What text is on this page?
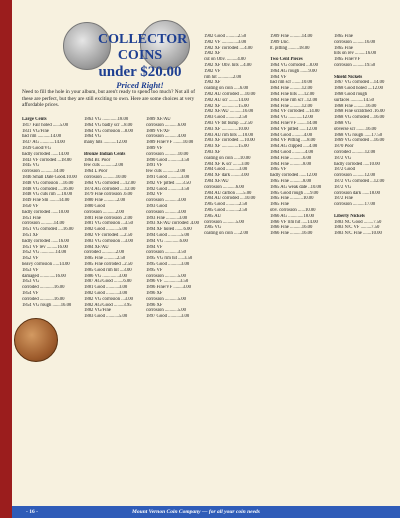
COLLECTOR
COINS
under $20.00
Priced Right!
Need to fill the hole in your album, but aren't ready to spend too much? Not all of these are perfect, but they are still exciting to own. Here are some choices at very affordable prices.
Large Cents
1817 Fair holed ......5.00
1831 VG/Fine
bad rim ...........14.00
1837 AG ............14.00
1839 Good/VG
badly corroded ......14.00
1843 VF corroded ...18.00
1845 VG
corrosion ...........14.00
1846 Small Date Good.10.00
1848 VG corrosion ...16.00
1848 VG corroded ....16.00
1848 VG cuts rim ....10.00
1849 Fine Sm ........14.00
1850 VF
badly corroded ......10.00
1851 Fine
corrosion ...........14.00
1851 VG corroded ....16.00
1851 XF
badly corroded ......16.00
1851 VF rev .........16.00
1852 VG .............14.00
1852 VF
heavy corrosion .....14.00
1853 VF
damaged .............16.00
1853 VG
corroded ............16.00
1854 VF
corroded ............16.00
1854 VG rough .......16.00
1863 VG .............18.00
1864 VG badly scr ...8.00
1864 VG corrosion ...8.00
1864 VG
many hits ...........12.00

Bronze Indian Cents
1864 Br. Poor
few cuts ............2.00
1864 L Poor
corrosion ...........10.00
1864 VG corroded ....12.00
1874 AG corroded ....12.00
1879 Fine corrosion .6.00
1880 Fine ...........2.00
1880 Good
corrosion ...........2.00
1881 Fine corrosion .2.00
1881 VG corrosion ...3.50
1882 Good ...........5.00
1882 VF corroded ....2.50
1883 VG corrosion ...3.00
1884 XF/AU
corroded ............2.00
1885 Fine ...........2.50
1885 Fine corroded ..2.50
1885 Good rim hit ...3.00
1886 VG ..............3.00
1887 AG/Good ........6.00
1881 Good ...........3.00
1882 Good ...........3.00
1882 VG corrosion ...3.00
1882 AG/Good ........3.95
1882 VG/Fine
1883 Good ...........5.00
1889 XF/AU
corrosion ...........6.00
1889 VF/XF
corrosion ...........4.00
1889 Fine/VF ........10.00
1889 VF
corrosion ...........10.00
1890 Good ...........3.50
1891 VF
few cuts ............2.00
1891 Good ...........3.00
1892 VF pitted ......3.50
1892 Good ...........3.50
1892 VF
corrosion ...........3.00
1893 Good
corrosion ...........3.00
1893 Fine ...........3.00
1893 XF/AU corroded .4.00
1894 XF holed .......6.00
1894 Good ...........5.00
1894 VG .............6.00
1894 VF
corrosion ...........3.50
1895 VG rim hit .....3.50
1895 Good ...........3.00
1895 VF
corrosion ...........5.00
1896 VF ..............3.50
1896 Fine/VF ........3.00
1896 XF
corrosion ...........5.00
1896 XF
corrosion ...........5.00
1897 Good ...........3.00
1902 Good ..........2.50
1902 VF ..............3.00
1902 XF corroded ....4.00
1902 XF
cut on Obv. .........4.00
1902 XF Obv. hits ...4.00
1902 VF
rim hit .............2.00
1902 XF
coating on coin .....6.00
1902 AU corroded ....10.00
1902 AU scr ........14.00
1902 XF ..............15.00
1902 XF/AU ...........16.00
1903 Good ...........2.50
1903 VF bit bump ....2.50
1903 XF ..............10.00
1903 AU rim hits ....10.00
1903 XF corroded ....10.00
1903 XF ..............15.00
1903 XF
coating on coin .....10.00
1904 XF K scr .......3.00
1904 Good ...........3.00
1904 XF dark ........3.00
1904 XF/AU
corrosion ...........6.00
1904 AU carbon ......5.00
1904 AU corroded ....10.00
1905 Good ...........2.50
1905 Good ...........2.50
1905 AU
corrosion ...........5.00
1905 VG
coating on coin .....2.00
1909 Fine ..........14.00
1909 Unc.
lt. pitting .........18.00

Two Cent Pieces
1864 VG corroded ...8.00
1864 AG rough .......9.00
1864 VF
bad rim scr ........10.00
1864 Fine ..........12.00
1864 Fine hits .....12.00
1864 Fine rim scr ..12.00
1864 Fine ..........12.00
1864 VF corroded ...14.00
1864 VG ............12.00
1864 Fine/VF ........14.00
1864 VF pitted ......12.00
1864 Good ..........4.00
1864 VF Pitting .....8.00
1864 AG clipped .....4.00
1864 Good ...........4.00
1864 Fine ...........6.00
1864 Fine ...........8.00
1865 VF
badly corroded ......12.00
1865 Fine ...........8.00
1865 AG weak date ..10.00
1865 Good rough .....9.00
1865 Fine ...........10.00
1865 Fine
obv. corrosion ......10.00
1866 AG .............18.00
1866 VF rim hit .....14.00
1866 Fine ..........16.00
1866 Fine ..........16.00
1865 Fine
corrosion ..........16.00
1865 Fine
hits on rev .........16.00
1865 Fine/VF
corrosion ..........19.50

Shield Nickels
1867 VG corroded ...14.00
1868 Good holed ....12.00
1868 Good rough
surfaces ...........14.50
1868 Fine ..........16.00
1868 Fine scratched .16.00
1868 VG corroded ...16.00
1868 VG
obverse scr ........16.00
1868 VG rough ......17.50
1869 VG corroded ...16.00
1870 Poor
corroded ...........12.00
1872 VG
badly corroded .....10.00
1872 Good
corrosion ..........12.00
1872 VG corroded ...12.00
1872 VG
corrosion dark ......18.00
1872 Fine
corrosion ..........17.00

Liberty Nickels
1883 NC Good ........7.50
1883 N/C VF .........7.50
1883 N/C Fine .......10.00
- 16 -	Mount Vernon Coin Company — for all your coin needs
